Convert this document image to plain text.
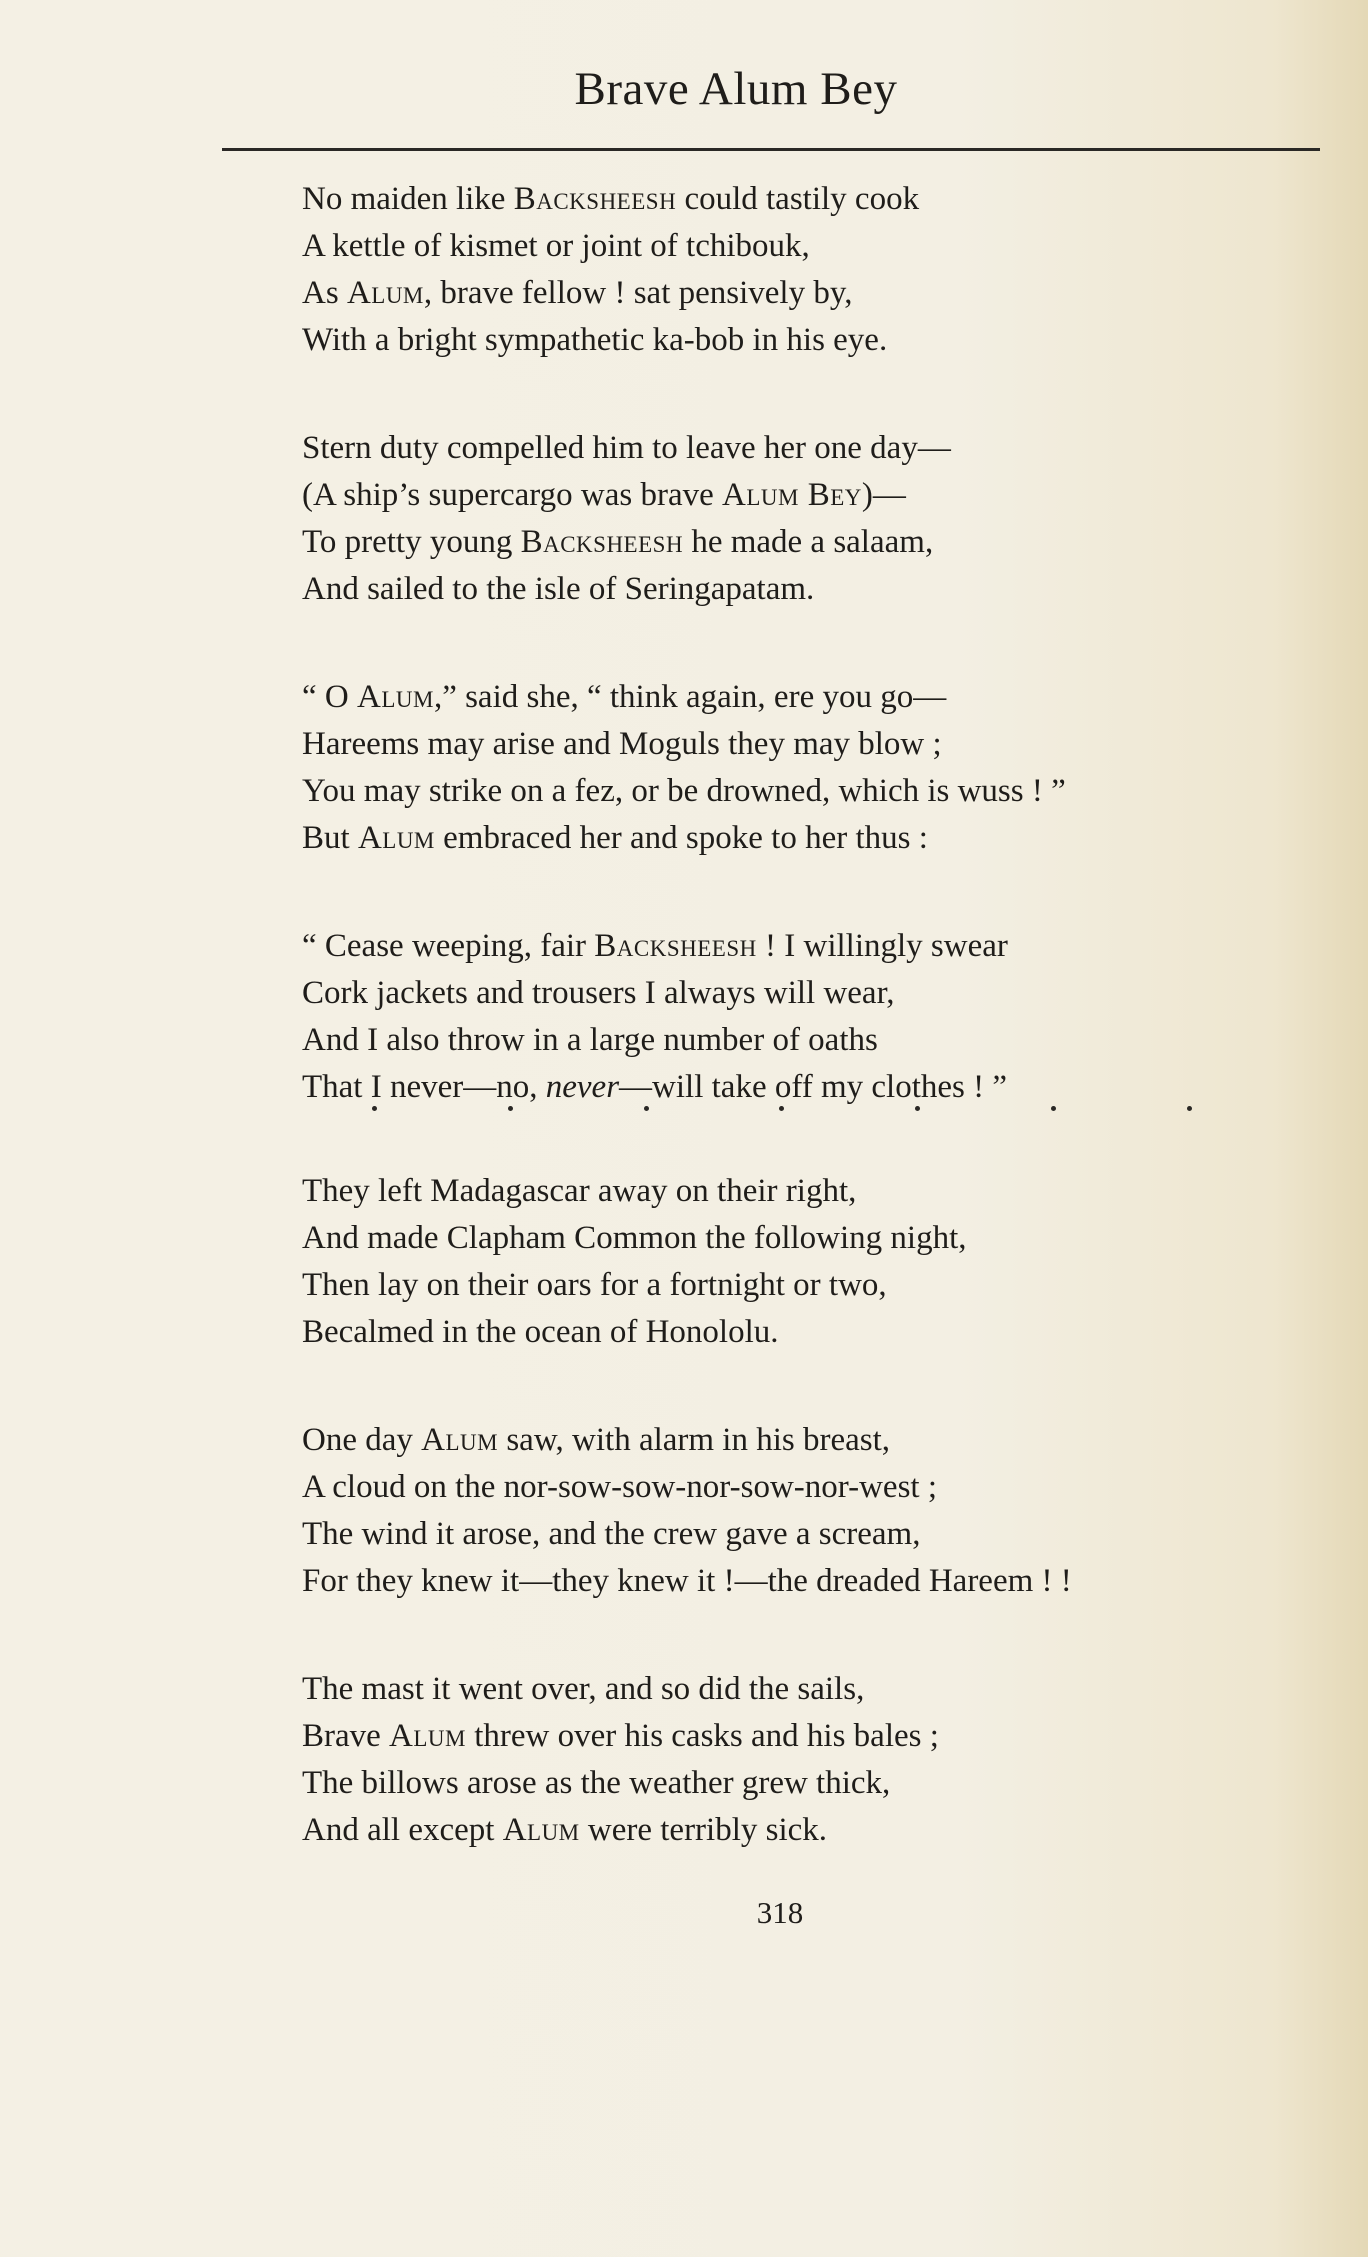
Brave Alum Bey
No maiden like Backsheesh could tastily cook
A kettle of kismet or joint of tchibouk,
As Alum, brave fellow ! sat pensively by,
With a bright sympathetic ka-bob in his eye.
Stern duty compelled him to leave her one day—
(A ship’s supercargo was brave Alum Bey)—
To pretty young Backsheesh he made a salaam,
And sailed to the isle of Seringapatam.
“ O Alum,” said she, “ think again, ere you go—
Hareems may arise and Moguls they may blow ;
You may strike on a fez, or be drowned, which is wuss ! ”
But Alum embraced her and spoke to her thus :
“ Cease weeping, fair Backsheesh ! I willingly swear
Cork jackets and trousers I always will wear,
And I also throw in a large number of oaths
That I never—no, never—will take off my clothes ! ”
They left Madagascar away on their right,
And made Clapham Common the following night,
Then lay on their oars for a fortnight or two,
Becalmed in the ocean of Honololu.
One day Alum saw, with alarm in his breast,
A cloud on the nor-sow-sow-nor-sow-nor-west ;
The wind it arose, and the crew gave a scream,
For they knew it—they knew it !—the dreaded Hareem ! !
The mast it went over, and so did the sails,
Brave Alum threw over his casks and his bales ;
The billows arose as the weather grew thick,
And all except Alum were terribly sick.
318
